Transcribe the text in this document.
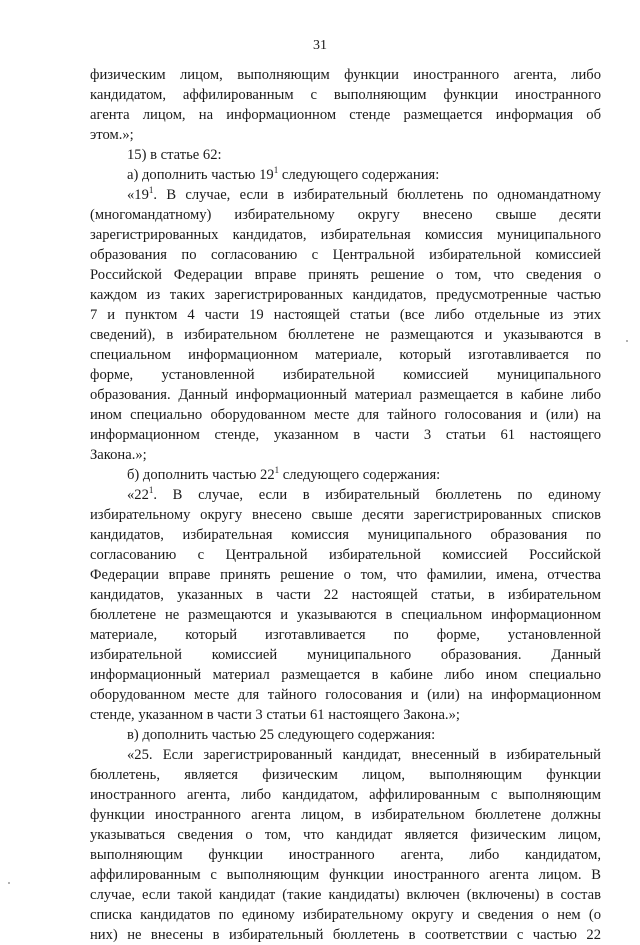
31
физическим лицом, выполняющим функции иностранного агента, либо
кандидатом, аффилированным с выполняющим функции иностранного
агента лицом, на информационном стенде размещается информация об
этом.»;
15) в статье 62:
а) дополнить частью $19^1$ следующего содержания:
«$19^1$. В случае, если в избирательный бюллетень по одномандатному
(многомандатному) избирательному округу внесено свыше десяти
зарегистрированных кандидатов, избирательная комиссия муниципального
образования по согласованию с Центральной избирательной комиссией
Российской Федерации вправе принять решение о том, что сведения о
каждом из таких зарегистрированных кандидатов, предусмотренные частью
7 и пунктом 4 части 19 настоящей статьи (все либо отдельные из этих
сведений), в избирательном бюллетене не размещаются и указываются в
специальном информационном материале, который изготавливается по
форме, установленной избирательной комиссией муниципального
образования. Данный информационный материал размещается в кабине либо
ином специально оборудованном месте для тайного голосования и (или) на
информационном стенде, указанном в части 3 статьи 61 настоящего
Закона.»;
б) дополнить частью $22^1$ следующего содержания:
«$22^1$. В случае, если в избирательный бюллетень по единому
избирательному округу внесено свыше десяти зарегистрированных списков
кандидатов, избирательная комиссия муниципального образования по
согласованию с Центральной избирательной комиссией Российской
Федерации вправе принять решение о том, что фамилии, имена, отчества
кандидатов, указанных в части 22 настоящей статьи, в избирательном
бюллетене не размещаются и указываются в специальном информационном
материале, который изготавливается по форме, установленной
избирательной комиссией муниципального образования. Данный
информационный материал размещается в кабине либо ином специально
оборудованном месте для тайного голосования и (или) на информационном
стенде, указанном в части 3 статьи 61 настоящего Закона.»;
в) дополнить частью 25 следующего содержания:
«25. Если зарегистрированный кандидат, внесенный в избирательный
бюллетень, является физическим лицом, выполняющим функции
иностранного агента, либо кандидатом, аффилированным с выполняющим
функции иностранного агента лицом, в избирательном бюллетене должны
указываться сведения о том, что кандидат является физическим лицом,
выполняющим функции иностранного агента, либо кандидатом,
аффилированным с выполняющим функции иностранного агента лицом. В
случае, если такой кандидат (такие кандидаты) включен (включены) в состав
списка кандидатов по единому избирательному округу и сведения о нем (о
них) не внесены в избирательный бюллетень в соответствии с частью 22
